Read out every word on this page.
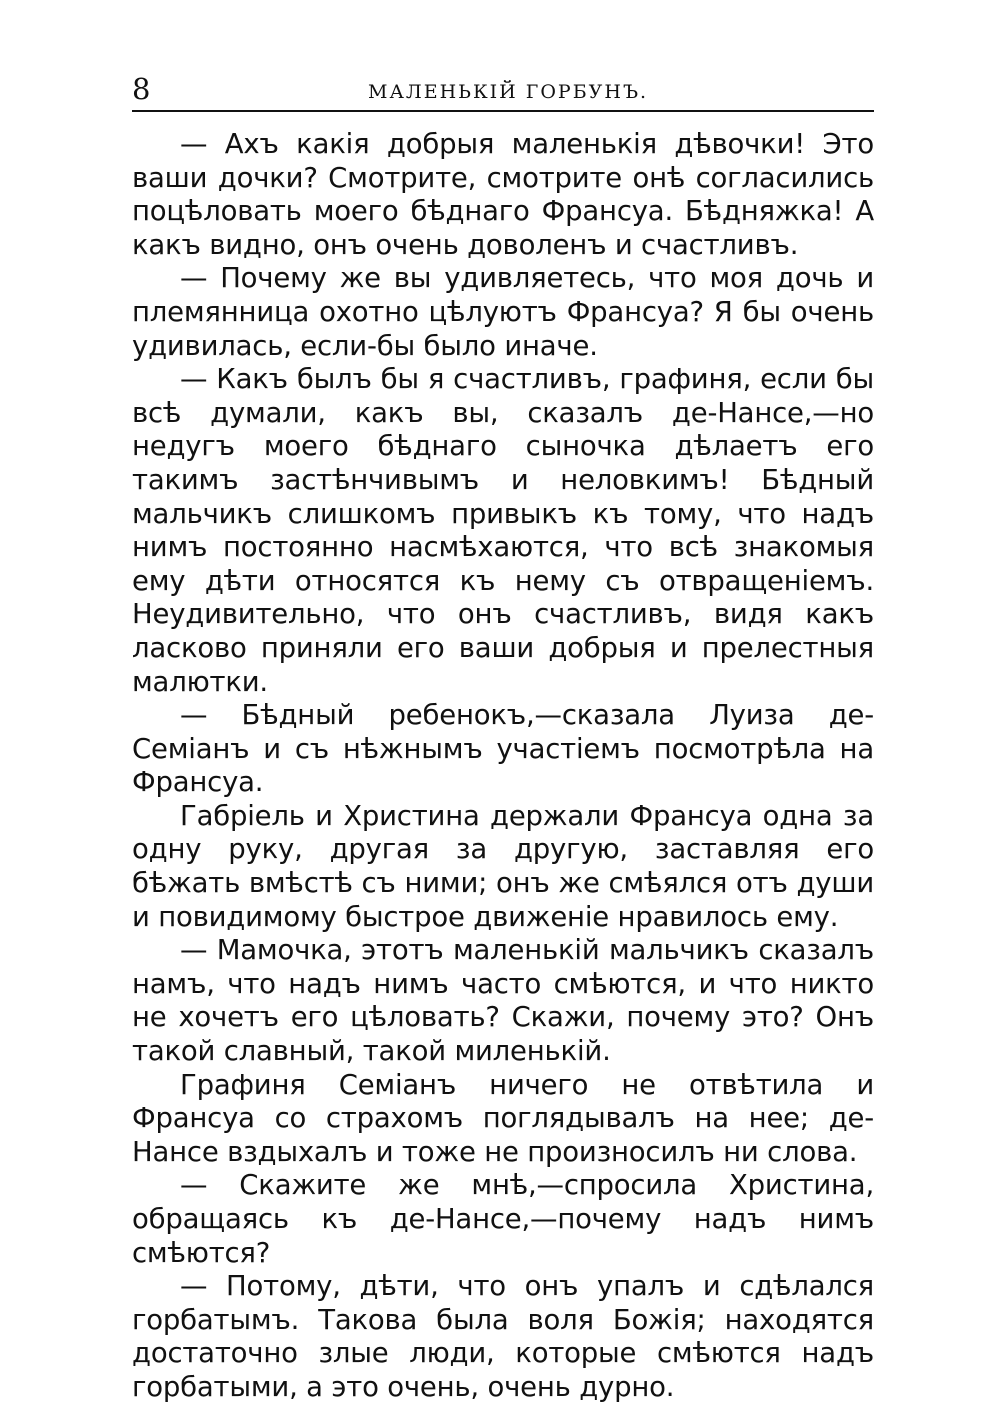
8	МАЛЕНЬКІЙ ГОРБУНЪ.

— Ахъ какія добрыя маленькія дѣвочки! Это ваши дочки? Смотрите, смотрите онѣ согласились поцѣловать моего бѣднаго Франсуа. Бѣдняжка! А какъ видно, онъ очень доволенъ и счастливъ.

— Почему же вы удивляетесь, что моя дочь и племянница охотно цѣлуютъ Франсуа? Я бы очень удивилась, если-бы было иначе.

— Какъ былъ бы я счастливъ, графиня, если бы всѣ думали, какъ вы, сказалъ де-Нансе,—но недугъ моего бѣднаго сыночка дѣлаетъ его такимъ застѣнчивымъ и неловкимъ! Бѣдный мальчикъ слишкомъ привыкъ къ тому, что надъ нимъ постоянно насмѣхаются, что всѣ знакомыя ему дѣти относятся къ нему съ отвращеніемъ. Неудивительно, что онъ счастливъ, видя какъ ласково приняли его ваши добрыя и прелестныя малютки.

— Бѣдный ребенокъ,—сказала Луиза де-Семіанъ и съ нѣжнымъ участіемъ посмотрѣла на Франсуа.

Габріель и Христина держали Франсуа одна за одну руку, другая за другую, заставляя его бѣжать вмѣстѣ съ ними; онъ же смѣялся отъ души и повидимому быстрое движеніе нравилось ему.

— Мамочка, этотъ маленькій мальчикъ сказалъ намъ, что надъ нимъ часто смѣются, и что никто не хочетъ его цѣловать? Скажи, почему это? Онъ такой славный, такой миленькій.

Графиня Семіанъ ничего не отвѣтила и Франсуа со страхомъ поглядывалъ на нее; де-Нансе вздыхалъ и тоже не произносилъ ни слова.

— Скажите же мнѣ,—спросила Христина, обращаясь къ де-Нансе,—почему надъ нимъ смѣются?

— Потому, дѣти, что онъ упалъ и сдѣлался горбатымъ. Такова была воля Божія; находятся достаточно злые люди, которые смѣются надъ горбатыми, а это очень, очень дурно.
